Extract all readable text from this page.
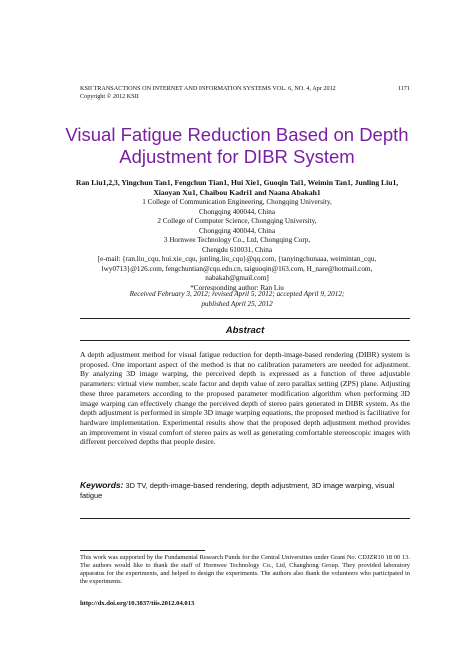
KSII TRANSACTIONS ON INTERNET AND INFORMATION SYSTEMS VOL. 6, NO. 4, Apr 2012
Copyright © 2012 KSII
1171
Visual Fatigue Reduction Based on Depth
Adjustment for DIBR System
Ran Liu1,2,3, Yingchun Tan1, Fengchun Tian1, Hui Xie1, Guoqin Tai1, Weimin Tan1, Junling Liu1,
Xiaoyan Xu1, Chaibou Kadri1 and Naana Abakah1
1 College of Communication Engineering, Chongqing University,
Chongqing 400044, China
2 College of Computer Science, Chongqing University,
Chongqing 400044, China
3 Hornwee Technology Co., Ltd, Chongqing Corp,
Chengdu 610031, China
[e-mail: {ran.liu_cqu, hui.xie_cqu, junling.liu_cqu}@qq.com, {tanyingchunaaa, weimintan_cqu,
lwy0713}@126.com, fengchuntian@cqu.edu.cn, taiguoqin@163.com, H_nare@hotmail.com,
nabakah@gmail.com]
*Corresponding author: Ran Liu
Received February 3, 2012; revised April 5, 2012; accepted April 9, 2012;
published April 25, 2012
Abstract
A depth adjustment method for visual fatigue reduction for depth-image-based rendering (DIBR) system is proposed. One important aspect of the method is that no calibration parameters are needed for adjustment. By analyzing 3D image warping, the perceived depth is expressed as a function of three adjustable parameters: virtual view number, scale factor and depth value of zero parallax setting (ZPS) plane. Adjusting these three parameters according to the proposed parameter modification algorithm when performing 3D image warping can effectively change the perceived depth of stereo pairs generated in DIBR system. As the depth adjustment is performed in simple 3D image warping equations, the proposed method is facilitative for hardware implementation. Experimental results show that the proposed depth adjustment method provides an improvement in visual comfort of stereo pairs as well as generating comfortable stereoscopic images with different perceived depths that people desire.
Keywords: 3D TV, depth-image-based rendering, depth adjustment, 3D image warping, visual fatigue
This work was supported by the Fundamental Research Funds for the Central Universities under Grant No. CDJZR10 18 00 13. The authors would like to thank the staff of Hornwee Technology Co., Ltd, Changhong Group. They provided laboratory apparatus for the experiments, and helped to design the experiments. The authors also thank the volunteers who participated in the experiments.
http://dx.doi.org/10.3837/tiis.2012.04.013
